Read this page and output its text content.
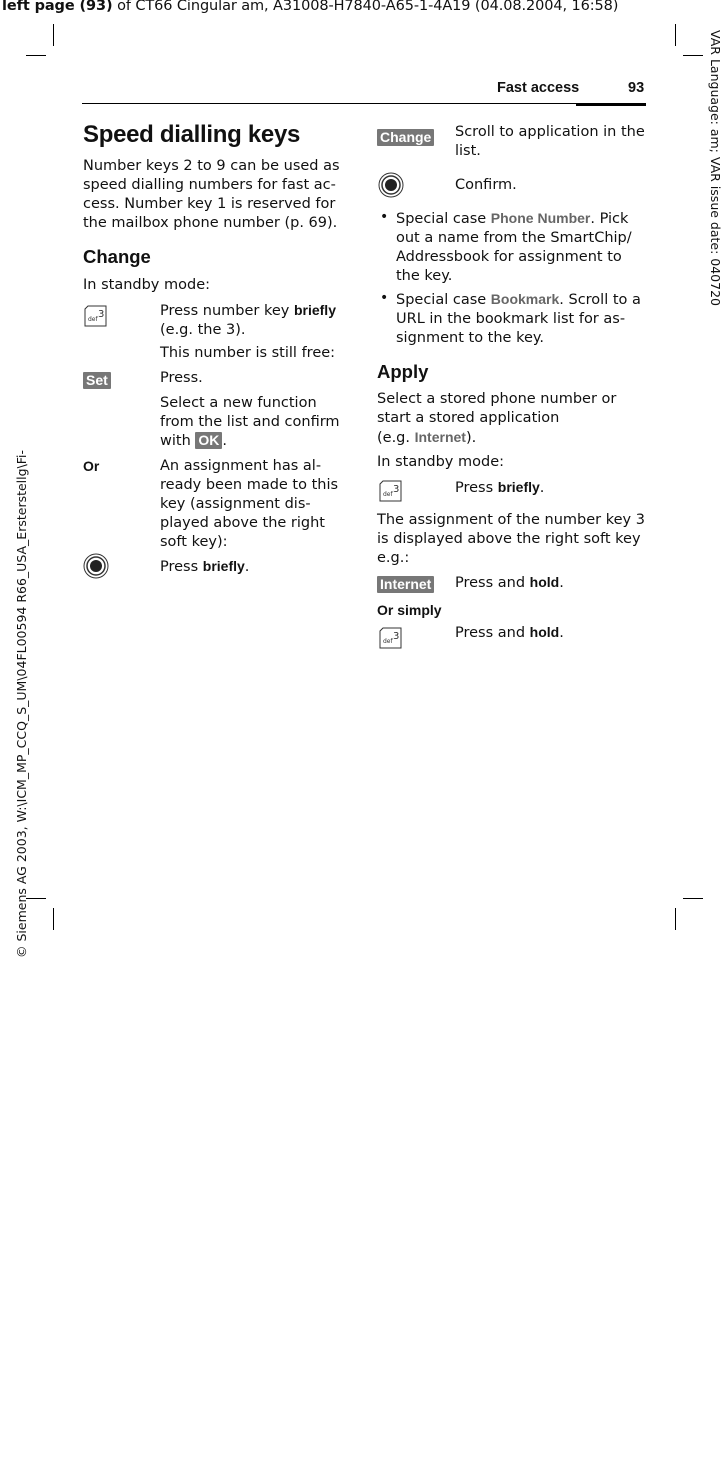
left page (93) of CT66 Cingular am, A31008-H7840-A65-1-4A19 (04.08.2004, 16:58)
VAR Language: am; VAR issue date: 040720
© Siemens AG 2003, W:\ICM_MP_CCQ_S_UM\04FL00594 R66_USA_Ersterstellg\Fi-
Fast access	93
Speed dialling keys
Number keys 2 to 9 can be used as
speed dialling numbers for fast ac-
cess. Number key 1 is reserved for
the mailbox phone number (p. 69).
Change
In standby mode:
def 3	Press number key briefly
(e.g. the 3).
This number is still free:
Set	Press.
Select a new function
from the list and confirm
with OK .
Or	An assignment has al-
ready been made to this
key (assignment dis-
played above the right
soft key):
Press briefly.
Change Scroll to application in the
list.
Confirm.
• Special case Phone Number. Pick
out a name from the SmartChip/
Addressbook for assignment to
the key.
• Special case Bookmark. Scroll to a
URL in the bookmark list for as-
signment to the key.
Apply
Select a stored phone number or
start a stored application
(e.g. Internet).
In standby mode:
def 3	Press briefly.
The assignment of the number key 3
is displayed above the right soft key
e.g.:
Internet Press and hold.
Or simply
def 3	Press and hold.
